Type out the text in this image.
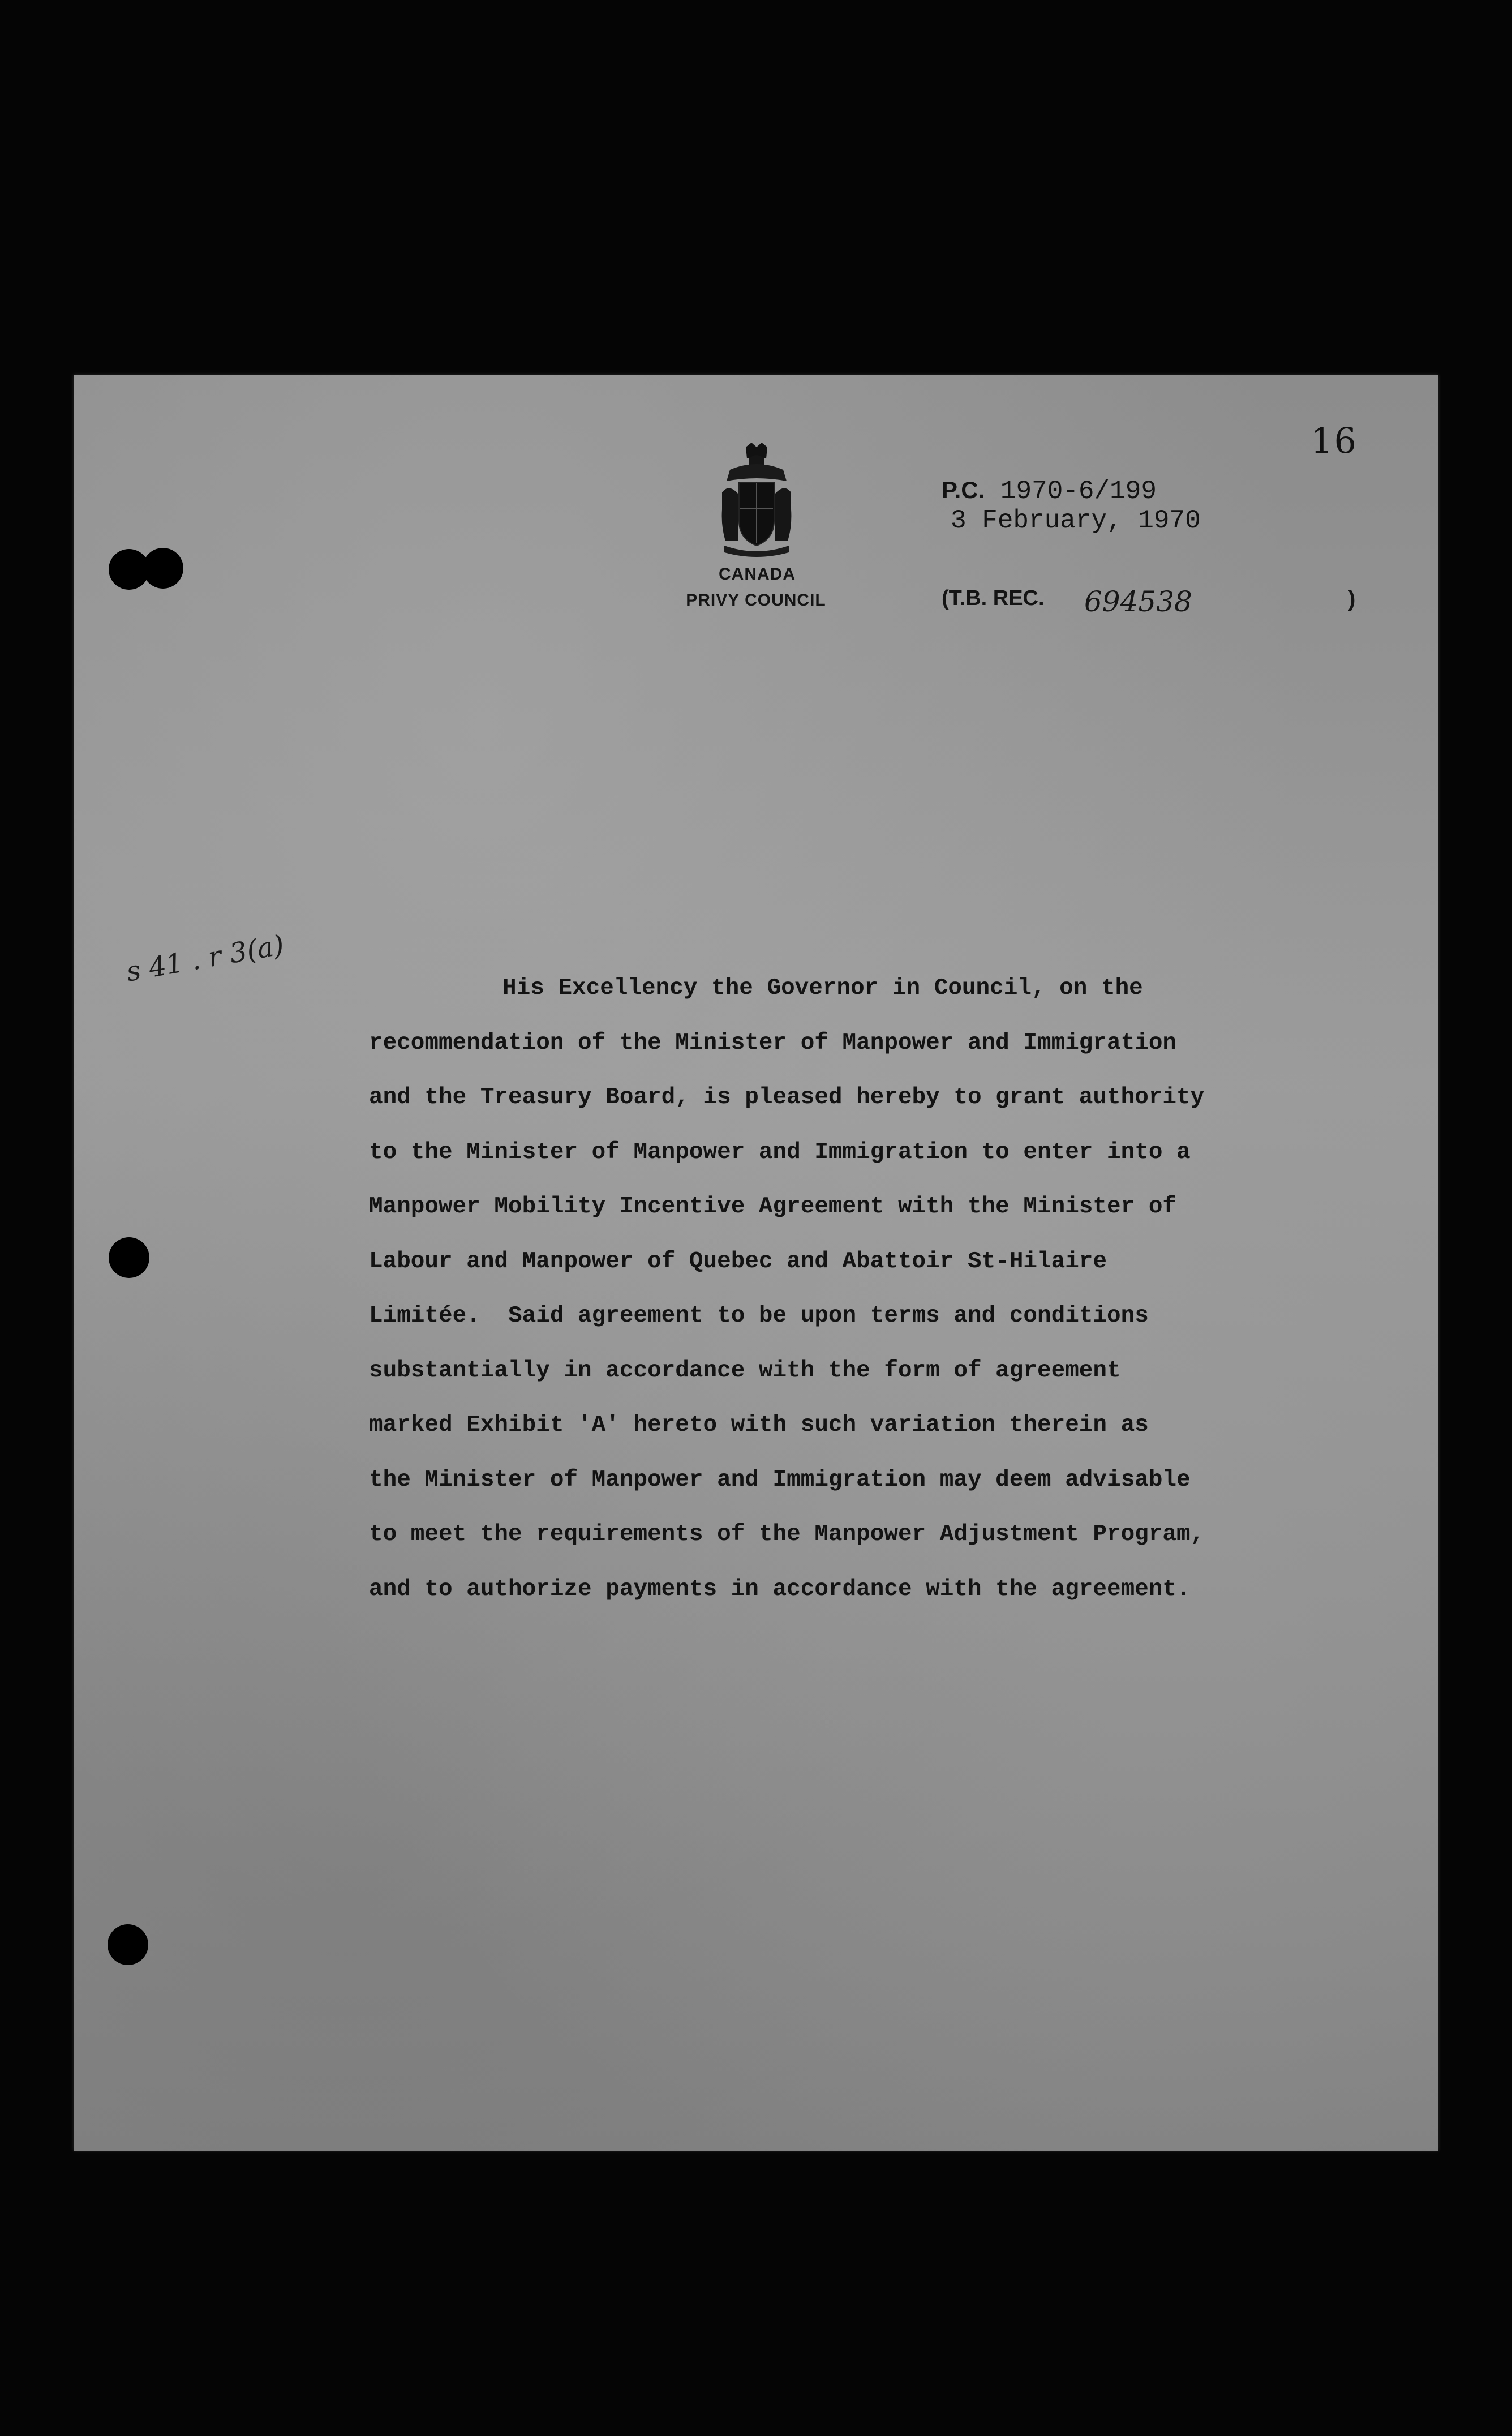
16
CANADA
PRIVY COUNCIL
P.C. 1970-6/199
3 February, 1970
(T.B. REC. 694538	)
s 41 . r 3(a)
His Excellency the Governor in Council, on the
recommendation of the Minister of Manpower and Immigration
and the Treasury Board, is pleased hereby to grant authority
to the Minister of Manpower and Immigration to enter into a
Manpower Mobility Incentive Agreement with the Minister of
Labour and Manpower of Quebec and Abattoir St-Hilaire
Limitée.  Said agreement to be upon terms and conditions
substantially in accordance with the form of agreement
marked Exhibit 'A' hereto with such variation therein as
the Minister of Manpower and Immigration may deem advisable
to meet the requirements of the Manpower Adjustment Program,
and to authorize payments in accordance with the agreement.
